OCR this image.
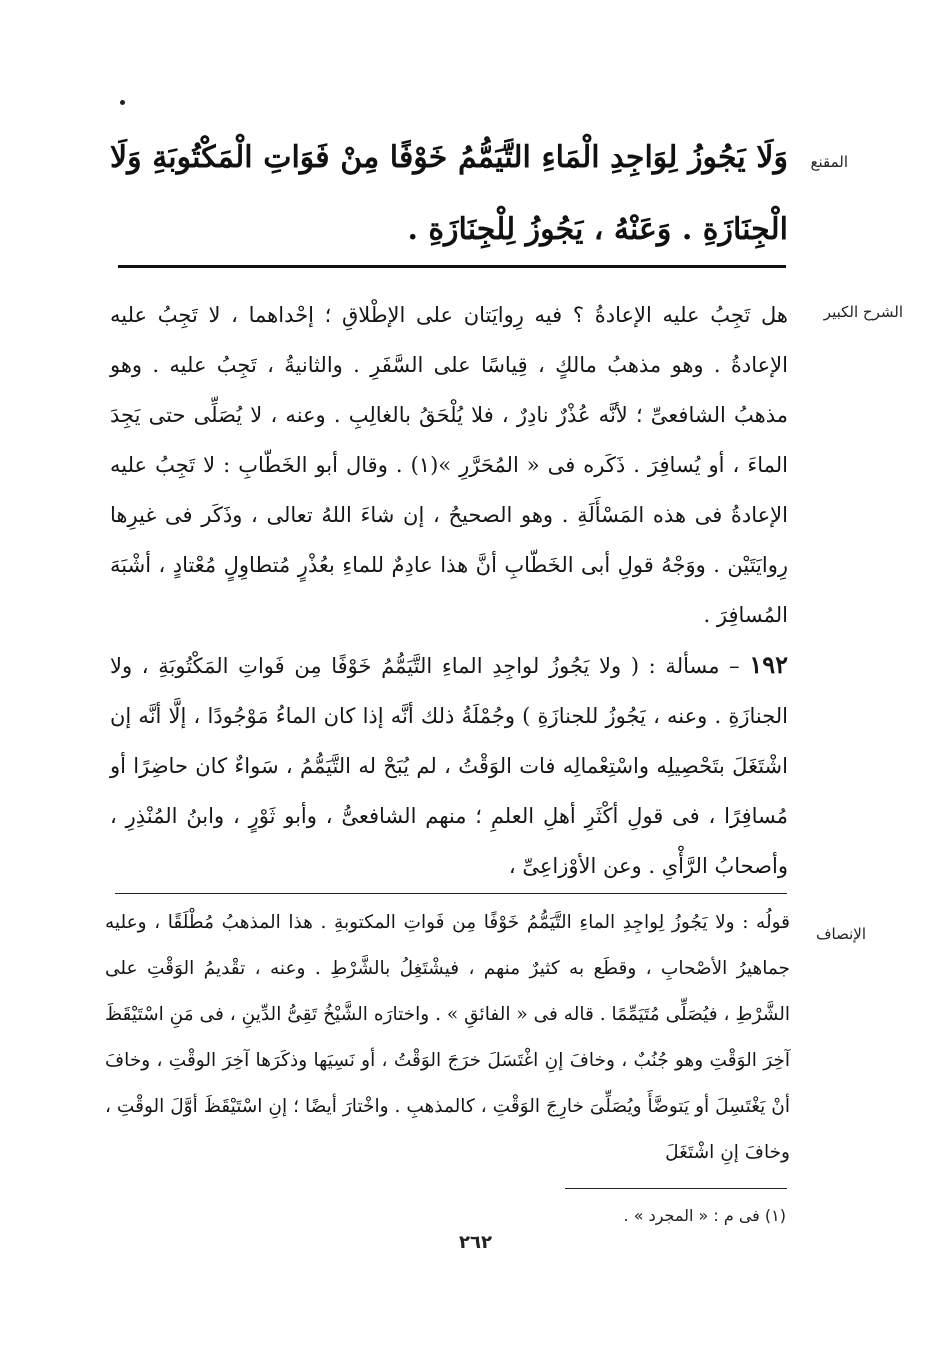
المقنع
وَلَا يَجُوزُ لِوَاجِدِ الْمَاءِ التَّيَمُّمُ خَوْفًا مِنْ فَوَاتِ الْمَكْتُوبَةِ وَلَا الْجِنَازَةِ . وَعَنْهُ ، يَجُوزُ لِلْجِنَازَةِ .
الشرح الكبير

هل تَجِبُ عليه الإعادةُ ؟ فيه رِوايَتان على الإطْلاقِ ؛ إحْداهما ، لا تَجِبُ عليه الإعادةُ . وهو مذهبُ مالكٍ ، قِياسًا على السَّفَرِ . والثانيةُ ، تَجِبُ عليه . وهو مذهبُ الشافعىِّ ؛ لأنَّه عُذْرٌ نادِرٌ ، فلا يُلْحَقُ بالغالِبِ . وعنه ، لا يُصَلِّى حتى يَجِدَ الماءَ ، أو يُسافِرَ . ذَكَره فى « المُحَرَّرِ »(١) . وقال أبو الخَطّابِ : لا تَجِبُ عليه الإعادةُ فى هذه المَسْأَلَةِ . وهو الصحيحُ ، إن شاءَ اللهُ تعالى ، وذَكَر فى غيرِها رِوايَتَيْن . ووَجْهُ قولِ أبى الخَطّابِ أنَّ هذا عادِمٌ للماءِ بعُذْرٍ مُتطاوِلٍ مُعْتادٍ ، أشْبَهَ المُسافِرَ .

١٩٢ – مسألة : ( ولا يَجُوزُ لواجِدِ الماءِ التَّيَمُّمُ خَوْفًا مِن فَواتِ المَكْتُوبَةِ ، ولا الجنازَةِ . وعنه ، يَجُوزُ للجنازَةِ ) وجُمْلَةُ ذلك أنَّه إذا كان الماءُ مَوْجُودًا ، إلَّا أنَّه إن اشْتَغَلَ بتَحْصِيلِه واسْتِعْمالِه فات الوَقْتُ ، لم يُبَحْ له التَّيَمُّمُ ، سَواءٌ كان حاضِرًا أو مُسافِرًا ، فى قولِ أكْثَرِ أهلِ العلمِ ؛ منهم الشافعىُّ ، وأبو ثَوْرٍ ، وابنُ المُنْذِرِ ، وأصحابُ الرَّأْىِ . وعن الأوْزاعِىِّ ،

الإنصاف
قولُه : ولا يَجُوزُ لِواجِدِ الماءِ التَّيَمُّمُ خَوْفًا مِن فَواتِ المكتوبةِ . هذا المذهبُ مُطْلَقًا ، وعليه جماهيرُ الأصْحابِ ، وقطَع به كثيرٌ منهم ، فيشْتَغِلُ بالشَّرْطِ . وعنه ، تقْديمُ الوَقْتِ على الشَّرْطِ ، فيُصَلِّى مُتَيَمِّمًا . قاله فى « الفائقِ » . واختارَه الشَّيْخُ تَقِىُّ الدِّينِ ، فى مَنِ اسْتَيْقَظَ آخِرَ الوَقْتِ وهو جُنُبٌ ، وخافَ إنِ اغْتَسَلَ خرَجَ الوَقْتُ ، أو نَسِيَها وذكَرَها آخِرَ الوقْتِ ، وخافَ أنْ يَغْتَسِلَ أو يَتوضَّأَ ويُصَلِّىَ خارِجَ الوَقْتِ ، كالمذهبِ . واخْتارَ أيضًا ؛ إنِ اسْتَيْقَظَ أوَّلَ الوقْتِ ، وخافَ إنِ اشْتَغَلَ
(١) فى م : « المجرد » .
٢٦٢
